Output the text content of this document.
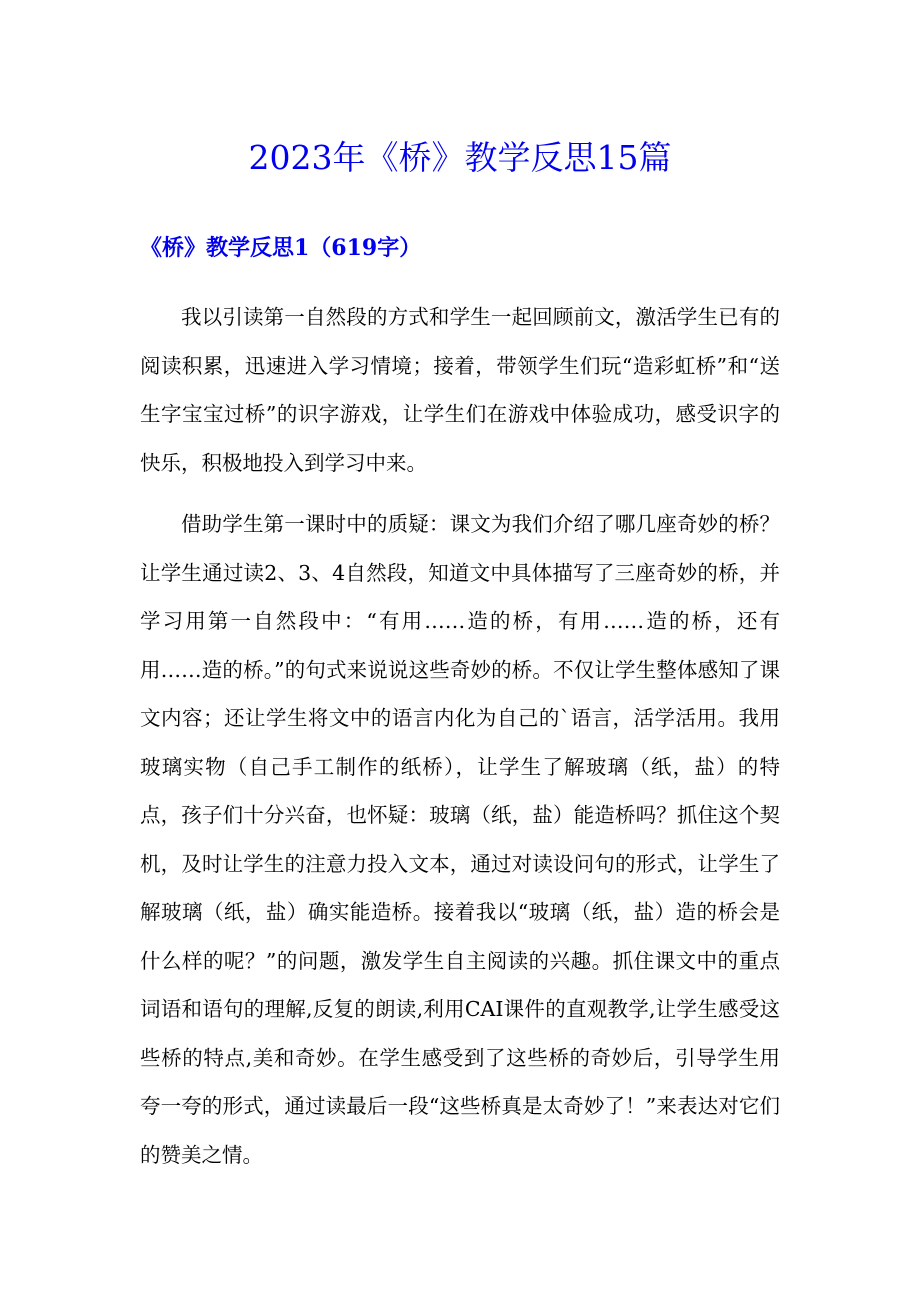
2023年《桥》教学反思15篇
《桥》教学反思1（619字）

我以引读第一自然段的方式和学生一起回顾前文，激活学生已有的阅读积累，迅速进入学习情境；接着，带领学生们玩“造彩虹桥”和“送生字宝宝过桥”的识字游戏，让学生们在游戏中体验成功，感受识字的快乐，积极地投入到学习中来。

借助学生第一课时中的质疑：课文为我们介绍了哪几座奇妙的桥？让学生通过读2、3、4自然段，知道文中具体描写了三座奇妙的桥，并学习用第一自然段中：“有用……造的桥，有用……造的桥，还有用……造的桥。”的句式来说说这些奇妙的桥。不仅让学生整体感知了课文内容；还让学生将文中的语言内化为自己的`语言，活学活用。我用玻璃实物（自己手工制作的纸桥），让学生了解玻璃（纸，盐）的特点，孩子们十分兴奋，也怀疑：玻璃（纸，盐）能造桥吗？抓住这个契机，及时让学生的注意力投入文本，通过对读设问句的形式，让学生了解玻璃（纸，盐）确实能造桥。接着我以“玻璃（纸，盐）造的桥会是什么样的呢？”的问题，激发学生自主阅读的兴趣。抓住课文中的重点词语和语句的理解,反复的朗读,利用CAI课件的直观教学,让学生感受这些桥的特点,美和奇妙。在学生感受到了这些桥的奇妙后，引导学生用夸一夸的形式，通过读最后一段“这些桥真是太奇妙了！”来表达对它们的赞美之情。
